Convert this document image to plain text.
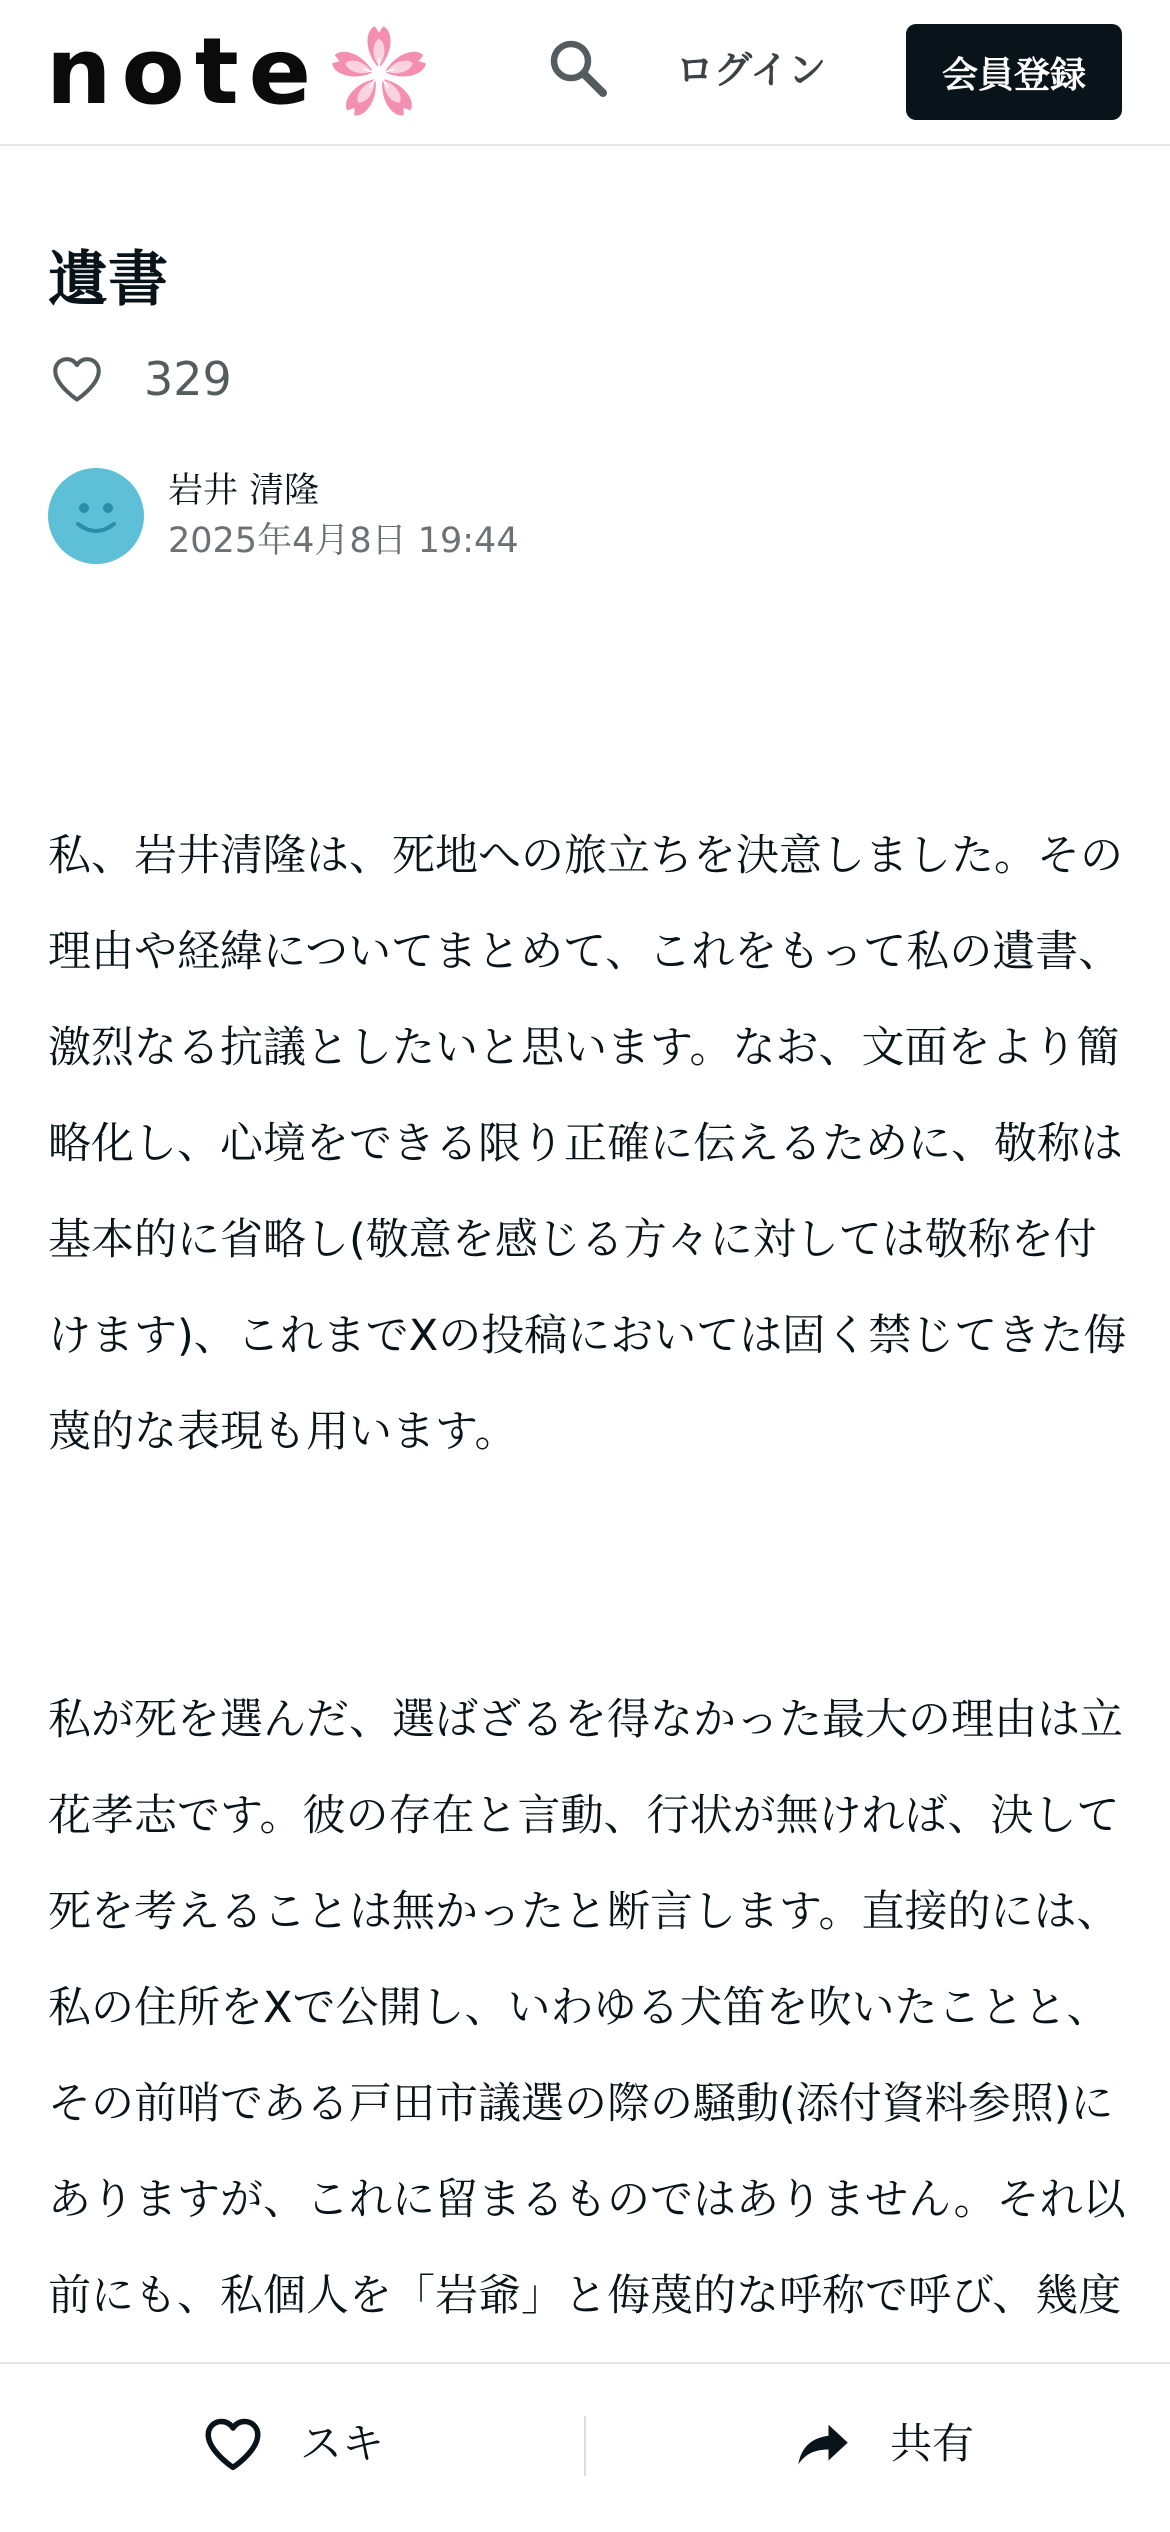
note	ログイン	会員登録
遺書
329
岩井 清隆
2025年4月8日 19:44

私、岩井清隆は、死地への旅立ちを決意しました。その理由や経緯についてまとめて、これをもって私の遺書、激烈なる抗議としたいと思います。なお、文面をより簡略化し、心境をできる限り正確に伝えるために、敬称は基本的に省略し(敬意を感じる方々に対しては敬称を付けます)、これまでXの投稿においては固く禁じてきた侮蔑的な表現も用います。

私が死を選んだ、選ばざるを得なかった最大の理由は立花孝志です。彼の存在と言動、行状が無ければ、決して死を考えることは無かったと断言します。直接的には、私の住所をXで公開し、いわゆる犬笛を吹いたことと、その前哨である戸田市議選の際の騒動(添付資料参照)にありますが、これに留まるものではありません。それ以前にも、私個人を「岩爺」と侮蔑的な呼称で呼び、幾度

スキ	共有
